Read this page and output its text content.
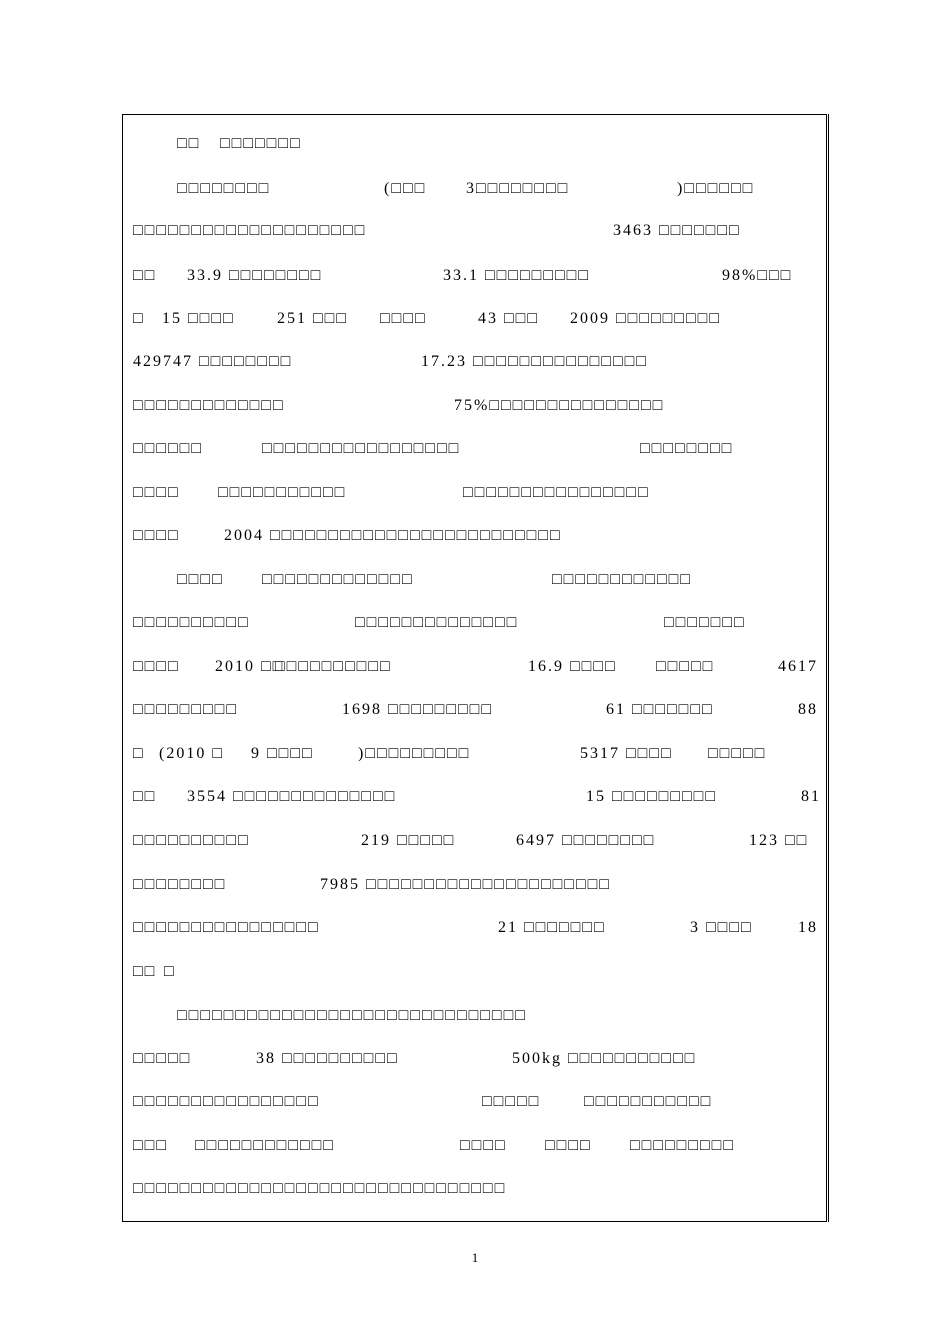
□□ □□□□□□□
□□□□□□□□	(□□□ 3□□□□□□□□	)□□□□□□
□□□□□□□□□□□□□□□□□□□□	3463 □□□□□□□
□□ 33.9 □□□□□□□□	33.1 □□□□□□□□□	98%□□□
□ 15 □□□□	251 □□□ □□□□	43 □□□ 2009 □□□□□□□□□
429747 □□□□□□□□	17.23 □□□□□□□□□□□□□□□
□□□□□□□□□□□□□	75%□□□□□□□□□□□□□□□
□□□□□□	□□□□□□□□□□□□□□□□□	□□□□□□□□
□□□□ □□□□□□□□□□□	□□□□□□□□□□□□□□□□
□□□□	2004 □□□□□□□□□□□□□□□□□□□□□□□□□
□□□□ □□□□□□□□□□□□□	□□□□□□□□□□□□
□□□□□□□□□□	□□□□□□□□□□□□□□	□□□□□□□
□□□□ 2010 □□
□□□□□□□□□□	16.9 □□□□ □□□□□	4617
□□□□□□□□□	1698 □□□□□□□□□	61 □□□□□□□	88
□ (2010 □ 9 □□□□	)□□□□□□□□□	5317 □□□□ □□□□□
□□ 3554 □□□□□□□□□□□□□□	15 □□□□□□□□□	81
□□□□□□□□□□	219 □□□□□	6497 □□□□□□□□	123 □□
□□□□□□□□	7985 □□□□□□□□□□□□□□□□□□□□□
□□□□□□□□□□□□□□□□	21 □□□□□□□	3 □□□□	18
□□ □
□□□□□□□□□□□□□□□□□□□□□□□□□□□□□□
□□□□□	38 □□□□□□□□□□	500kg □□□□□□□□□□□
□□□□□□□□□□□□□□□□	□□□□□	□□□□□□□□□□□
□□□ □□□□□□□□□□□□	□□□□ □□□□ □□□□□□□□□
□□□□□□□□□□□□□□□□□□□□□□□□□□□□□□□□
1
